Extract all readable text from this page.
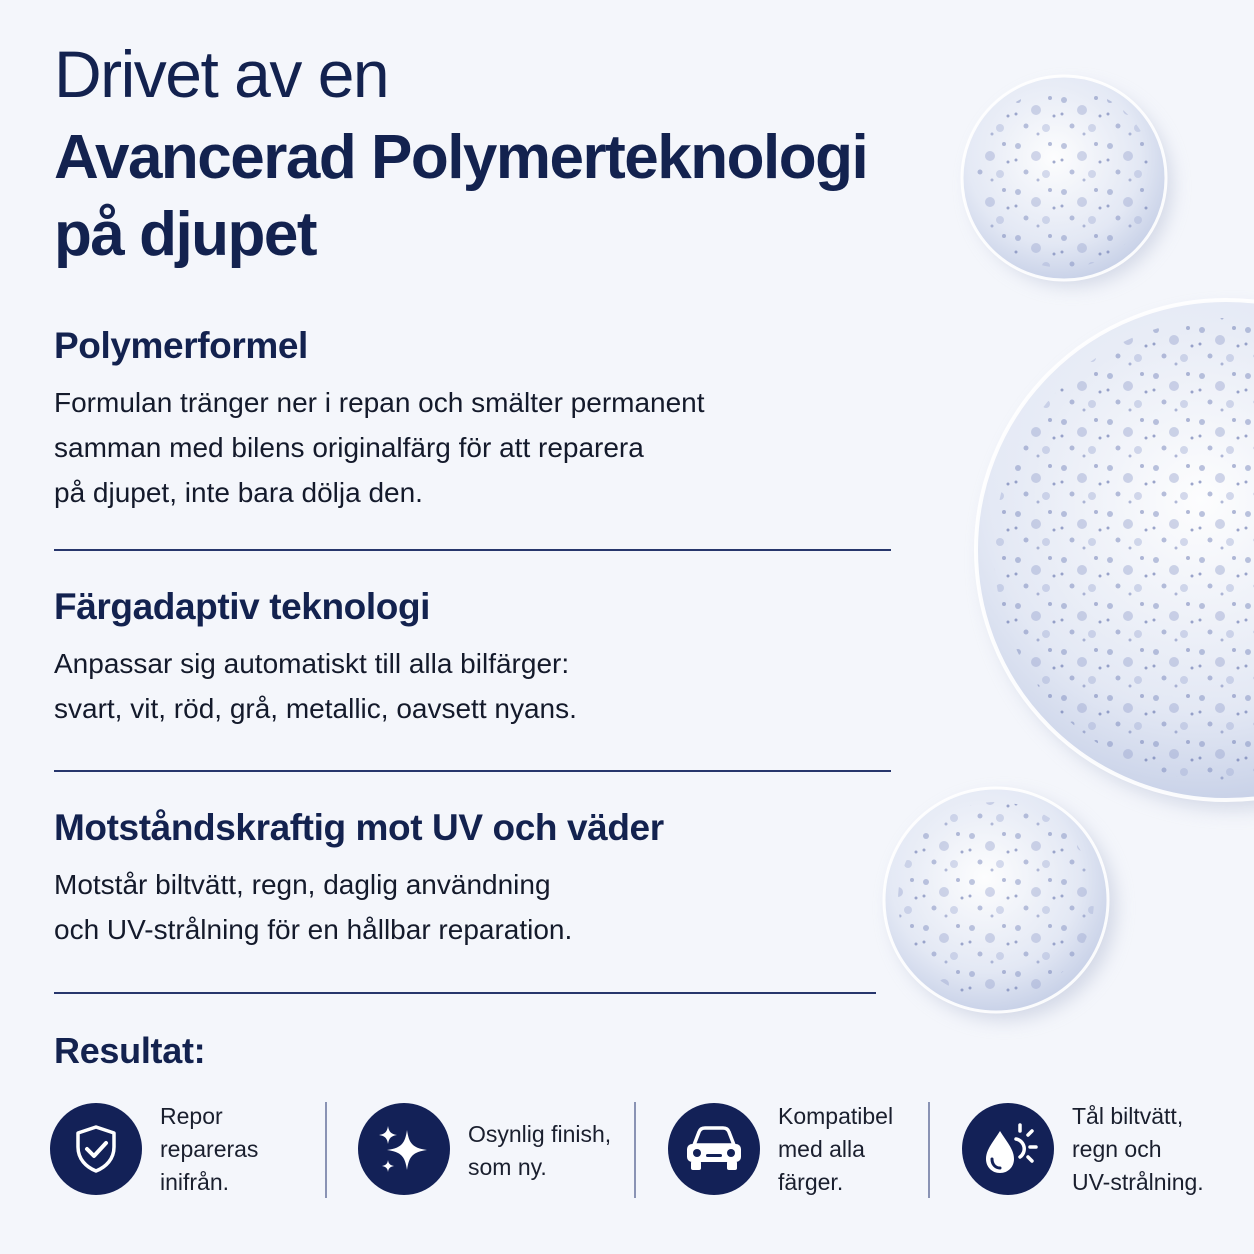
Drivet av en
Avancerad Polymerteknologi
på djupet
Polymerformel

Formulan tränger ner i repan och smälter permanent
samman med bilens originalfärg för att reparera
på djupet, inte bara dölja den.

Färgadaptiv teknologi

Anpassar sig automatiskt till alla bilfärger:
svart, vit, röd, grå, metallic, oavsett nyans.

Motståndskraftig mot UV och väder

Motstår biltvätt, regn, daglig användning
och UV-strålning för en hållbar reparation.

Resultat:
Repor
repareras
inifrån.
Osynlig finish,
som ny.
Kompatibel
med alla
färger.
Tål biltvätt,
regn och
UV-strålning.
